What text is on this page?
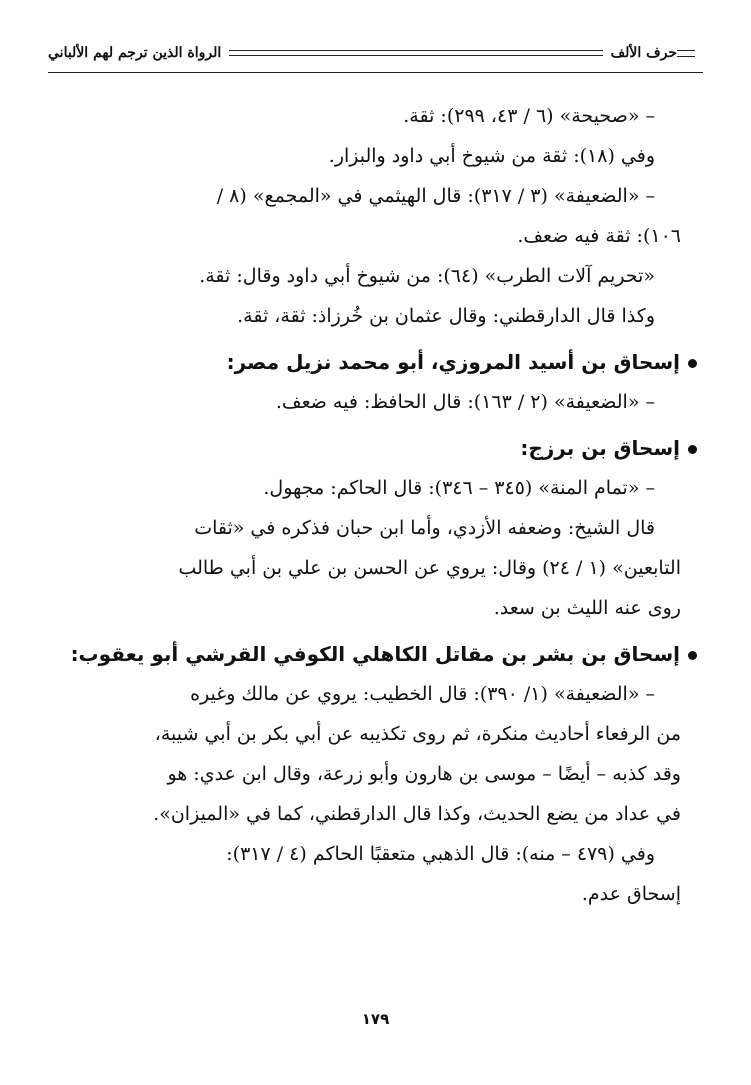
حرف الألف
الرواة الذين ترجم لهم الألباني
– «صحيحة» (٦ / ٤٣، ٢٩٩): ثقة.
وفي (١٨): ثقة من شيوخ أبي داود والبزار.
– «الضعيفة» (٣ / ٣١٧): قال الهيثمي في «المجمع» (٨ /
١٠٦): ثقة فيه ضعف.
«تحريم آلات الطرب» (٦٤): من شيوخ أبي داود وقال: ثقة.
وكذا قال الدارقطني: وقال عثمان بن خُرزاذ: ثقة، ثقة.
إسحاق بن أسيد المروزي، أبو محمد نزيل مصر:
– «الضعيفة» (٢ / ١٦٣): قال الحافظ: فيه ضعف.
إسحاق بن برزج:
– «تمام المنة» (٣٤٥ – ٣٤٦): قال الحاكم: مجهول.
قال الشيخ: وضعفه الأزدي، وأما ابن حبان فذكره في «ثقات
التابعين» (١ / ٢٤) وقال: يروي عن الحسن بن علي بن أبي طالب
روى عنه الليث بن سعد.
إسحاق بن بشر بن مقاتل الكاهلي الكوفي القرشي أبو يعقوب:
– «الضعيفة» (١/ ٣٩٠): قال الخطيب: يروي عن مالك وغيره
من الرفعاء أحاديث منكرة، ثم روى تكذيبه عن أبي بكر بن أبي شيبة،
وقد كذبه – أيضًا – موسى بن هارون وأبو زرعة، وقال ابن عدي: هو
في عداد من يضع الحديث، وكذا قال الدارقطني، كما في «الميزان».
وفي (٤٧٩ – منه): قال الذهبي متعقبًا الحاكم (٤ / ٣١٧):
إسحاق عدم.
١٧٩
